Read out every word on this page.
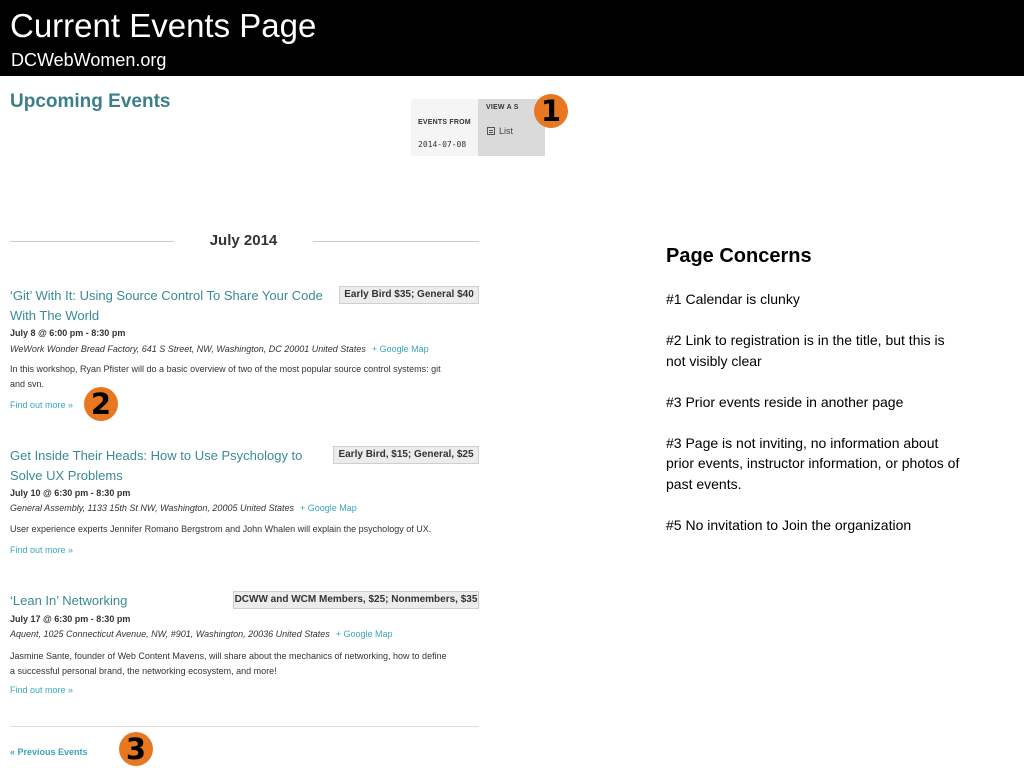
Current Events Page
DCWebWomen.org
Upcoming Events
EVENTS FROM
2014-07-08
VIEW A S
List
1
July 2014
‘Git’ With It: Using Source Control To Share Your Code
With The World
Early Bird $35; General $40
July 8 @ 6:00 pm - 8:30 pm
WeWork Wonder Bread Factory, 641 S Street, NW, Washington, DC 20001 United States + Google Map
In this workshop, Ryan Pfister will do a basic overview of two of the most popular source control systems: git
and svn.
Find out more » 2
Get Inside Their Heads: How to Use Psychology to
Solve UX Problems
Early Bird, $15; General, $25
July 10 @ 6:30 pm - 8:30 pm
General Assembly, 1133 15th St NW, Washington, 20005 United States + Google Map
User experience experts Jennifer Romano Bergstrom and John Whalen will explain the psychology of UX.
Find out more »
‘Lean In’ Networking	DCWW and WCM Members, $25; Nonmembers, $35
July 17 @ 6:30 pm - 8:30 pm
Aquent, 1025 Connecticut Avenue, NW, #901, Washington, 20036 United States + Google Map
Jasmine Sante, founder of Web Content Mavens, will share about the mechanics of networking, how to define
a successful personal brand, the networking ecosystem, and more!
Find out more »
« Previous Events 3
Page Concerns
#1 Calendar is clunky
#2 Link to registration is in the title, but this is not visibly clear
#3 Prior events reside in another page
#3 Page is not inviting, no information about prior events, instructor information, or photos of past events.
#5 No invitation to Join the organization
